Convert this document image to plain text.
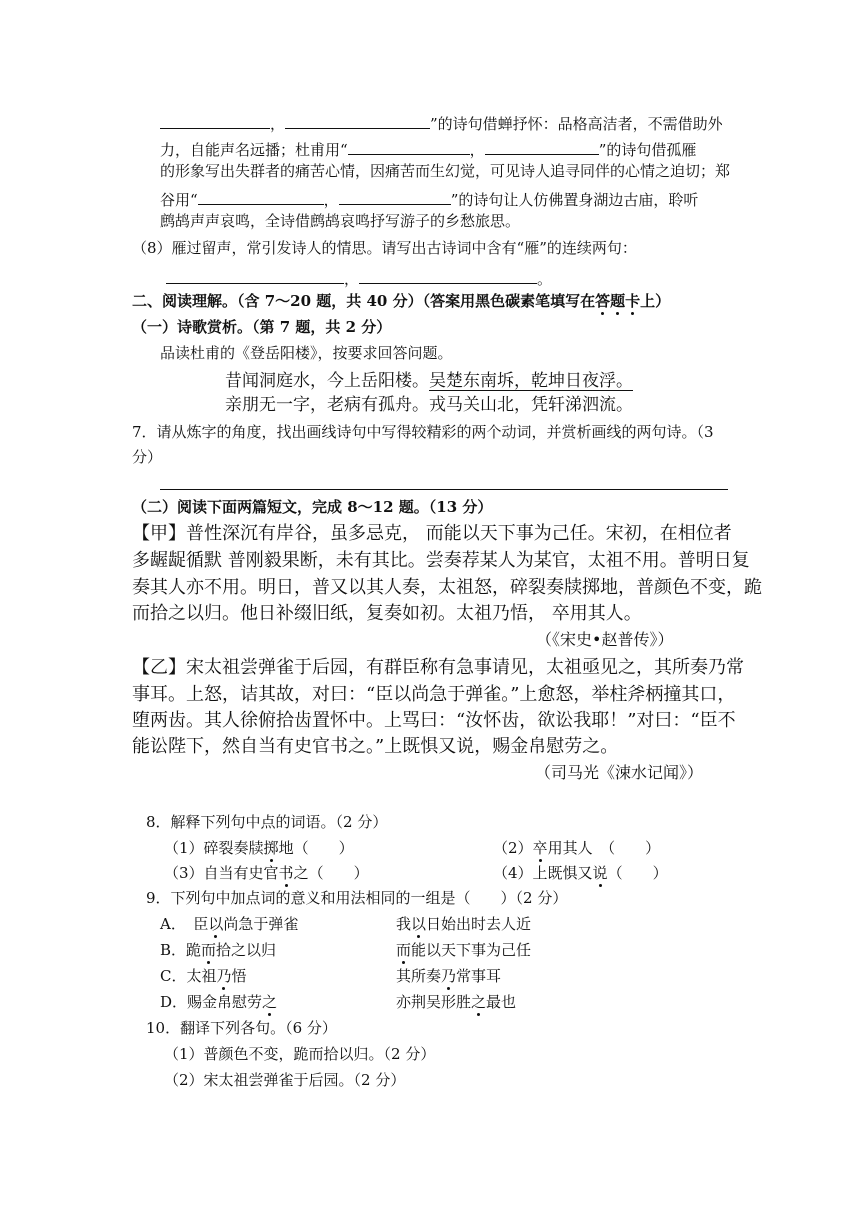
，	”的诗句借蝉抒怀：品格高洁者，不需借助外
力，自能声名远播；杜甫用“	，	”的诗句借孤雁
的形象写出失群者的痛苦心情，因痛苦而生幻觉，可见诗人追寻同伴的心情之迫切；郑
谷用“	，	”的诗句让人仿佛置身湖边古庙，聆听
鹧鸪声声哀鸣，全诗借鹧鸪哀鸣抒写游子的乡愁旅思。
（8）雁过留声，常引发诗人的情思。请写出古诗词中含有“雁”的连续两句：
，	。
二、阅读理解。（含 7～20 题，共 40 分）（答案用黑色碳素笔填写在答题卡上）
（一）诗歌赏析。（第 7 题，共 2 分）
品读杜甫的《登岳阳楼》，按要求回答问题。
昔闻洞庭水，今上岳阳楼。吴楚东南坼，乾坤日夜浮。
亲朋无一字，老病有孤舟。戎马关山北，凭轩涕泗流。
7．请从炼字的角度，找出画线诗句中写得较精彩的两个动词，并赏析画线的两句诗。（3
分）
（二）阅读下面两篇短文，完成 8～12 题。（13 分）
【甲】普性深沉有岸谷，虽多忌克， 而能以天下事为己任。宋初，在相位者
多龌龊循默 普刚毅果断，未有其比。尝奏荐某人为某官，太祖不用。普明日复
奏其人亦不用。明日，普又以其人奏，太祖怒，碎裂奏牍掷地，普颜色不变，跪
而拾之以归。他日补缀旧纸，复奏如初。太祖乃悟， 卒用其人。
（《宋史•赵普传》）
【乙】宋太祖尝弹雀于后园，有群臣称有急事请见，太祖亟见之，其所奏乃常
事耳。上怒，诘其故，对曰：“臣以尚急于弹雀。”上愈怒，举柱斧柄撞其口，
堕两齿。其人徐俯拾齿置怀中。上骂曰：“汝怀齿，欲讼我耶！”对曰：“臣不
能讼陛下，然自当有史官书之。”上既惧又说，赐金帛慰劳之。
（司马光《涑水记闻》）
8．解释下列句中点的词语。（2 分）
（1）碎裂奏牍掷地（　　）	（2）卒用其人　（　　）
（3）自当有史官书之（　　）	（4）上既惧又说（　　）
9．下列句中加点词的意义和用法相同的一组是（　　）（2 分）
A．　臣以尚急于弹雀	我以日始出时去人近
B．跪而拾之以归	而能以天下事为己任
C．太祖乃悟	其所奏乃常事耳
D．赐金帛慰劳之	亦荆吴形胜之最也
10．翻译下列各句。（6 分）
（1）普颜色不变，跪而拾以归。（2 分）
（2）宋太祖尝弹雀于后园。（2 分）
